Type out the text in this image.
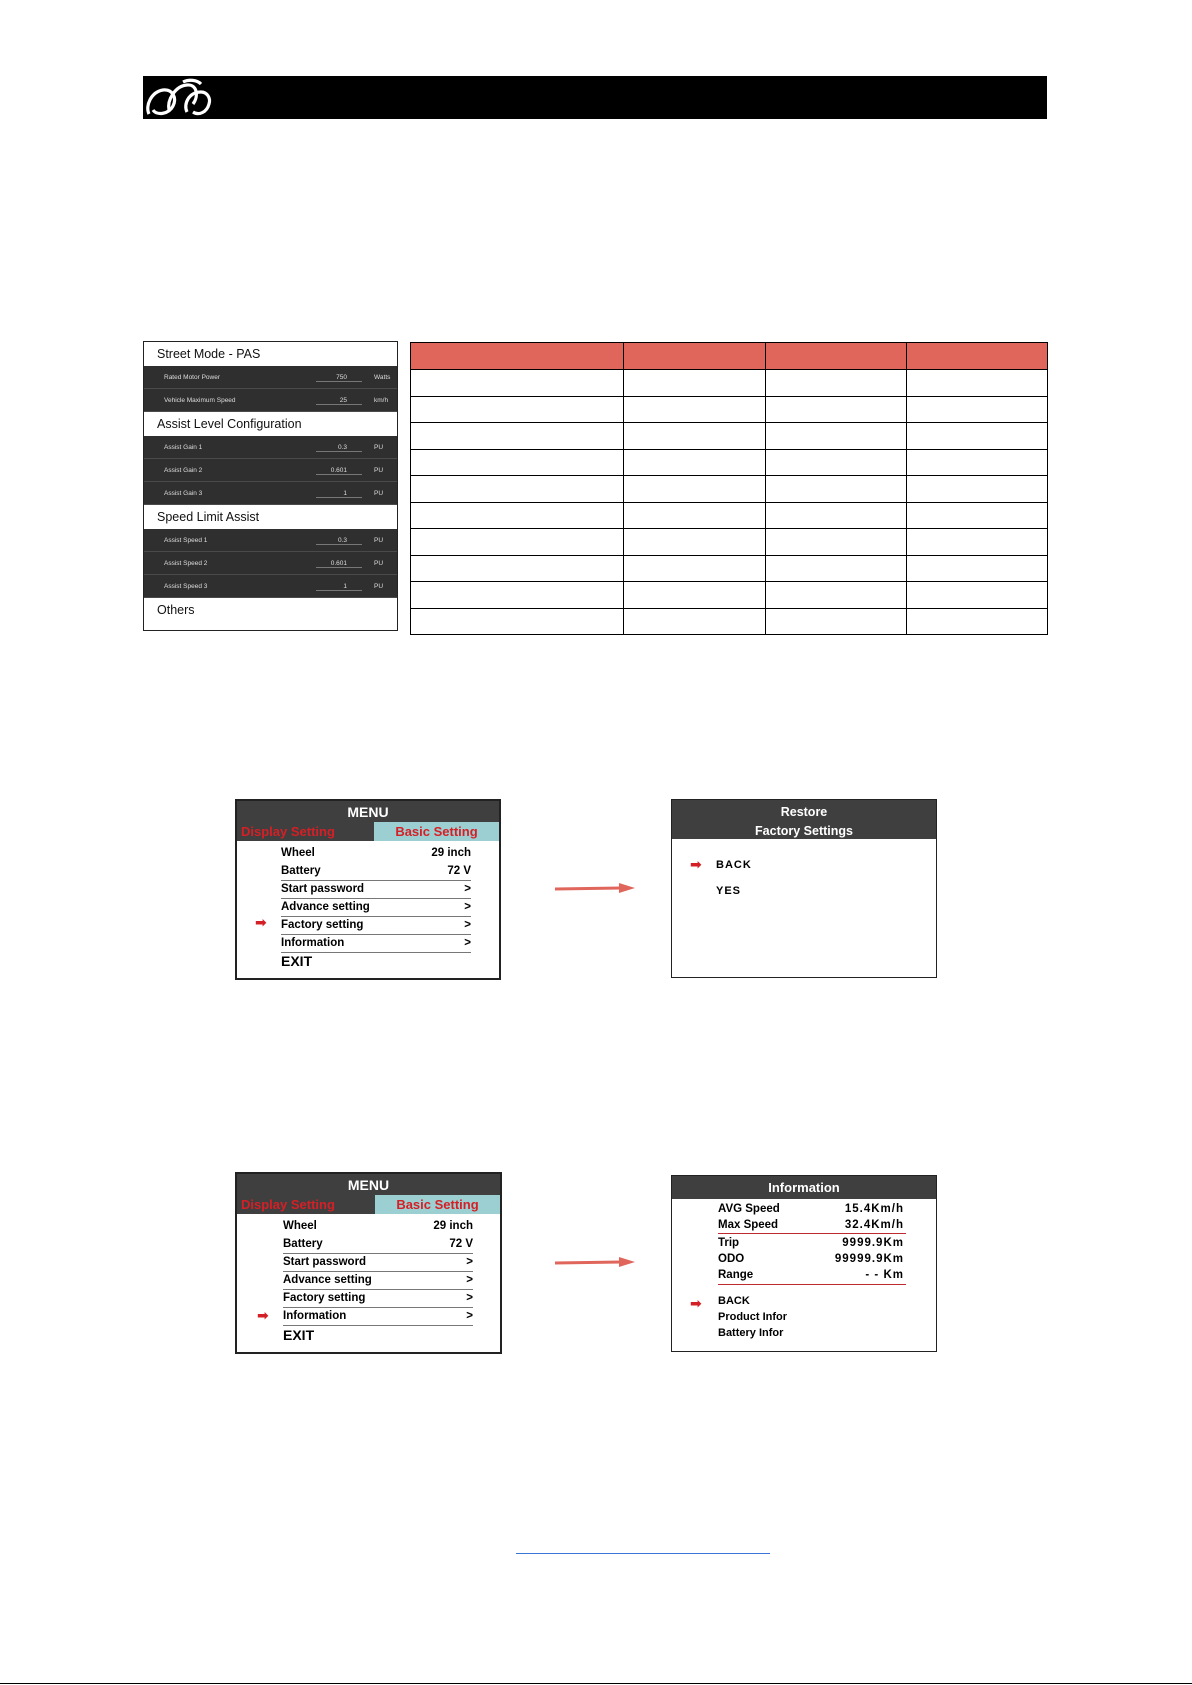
Street Mode - PAS
Rated Motor Power	750	Watts
Vehicle Maximum Speed	25	km/h
Assist Level Configuration
Assist Gain 1	0.3	PU
Assist Gain 2	0.601	PU
Assist Gain 3	1	PU
Speed Limit Assist
Assist Speed 1	0.3	PU
Assist Speed 2	0.601	PU
Assist Speed 3	1	PU
Others

MENU
Display Setting	Basic Setting
Wheel	29 inch
Battery	72 V
Start password	>
Advance setting	>
Factory setting	>
Information	>
➡
EXIT
Restore
Factory Settings
➡ BACK
YES
MENU
Display Setting	Basic Setting
Wheel	29 inch
Battery	72 V
Start password	>
Advance setting	>
Factory setting	>
Information	>
➡
EXIT
Information
AVG Speed	15.4Km/h
Max Speed	32.4Km/h
Trip	9999.9Km
ODO	99999.9Km
Range	- - Km
BACK
Product Infor
Battery Infor
➡
